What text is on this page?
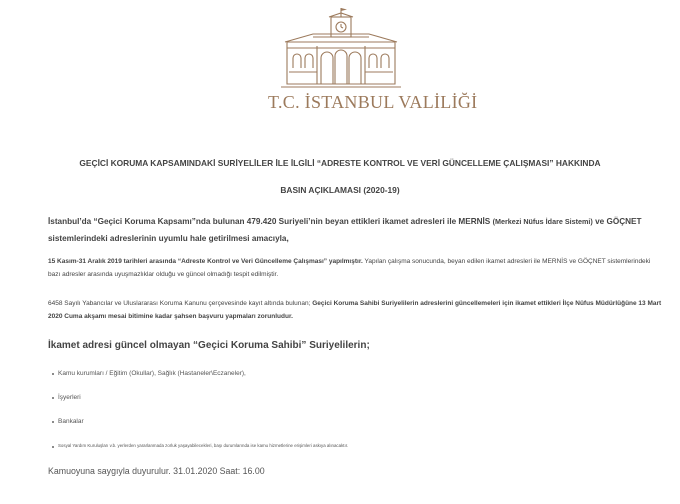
T.C. İSTANBUL VALİLİĞİ
GEÇİCİ KORUMA KAPSAMINDAKİ SURİYELİLER İLE İLGİLİ “ADRESTE KONTROL VE VERİ GÜNCELLEME ÇALIŞMASI” HAKKINDA
BASIN AÇIKLAMASI (2020-19)
İstanbul’da “Geçici Koruma Kapsamı”nda bulunan 479.420 Suriyeli’nin beyan ettikleri ikamet adresleri ile MERNİS (Merkezi Nüfus İdare Sistemi) ve GÖÇNET sistemlerindeki adreslerinin uyumlu hale getirilmesi amacıyla,
15 Kasım-31 Aralık 2019 tarihleri arasında “Adreste Kontrol ve Veri Güncelleme Çalışması” yapılmıştır. Yapılan çalışma sonucunda, beyan edilen ikamet adresleri ile MERNİS ve GÖÇNET sistemlerindeki bazı adresler arasında uyuşmazlıklar olduğu ve güncel olmadığı tespit edilmiştir.
6458 Sayılı Yabancılar ve Uluslararası Koruma Kanunu çerçevesinde kayıt altında bulunan; Geçici Koruma Sahibi Suriyelilerin adreslerini güncellemeleri için ikamet ettikleri İlçe Nüfus Müdürlüğüne 13 Mart 2020 Cuma akşamı mesai bitimine kadar şahsen başvuru yapmaları zorunludur.
İkamet adresi güncel olmayan “Geçici Koruma Sahibi” Suriyelilerin;
Kamu kurumları / Eğitim (Okullar), Sağlık (Hastaneler\Eczaneler),
İşyerleri
Bankalar
Sosyal Yardım Kuruluşları v.b. yerlerden yararlanmada zorluk yaşayabilecekleri, başı durumlarında ise kamu hizmetlerine erişimleri askıya alınacaktır.
Kamuoyuna saygıyla duyurulur. 31.01.2020 Saat: 16.00
